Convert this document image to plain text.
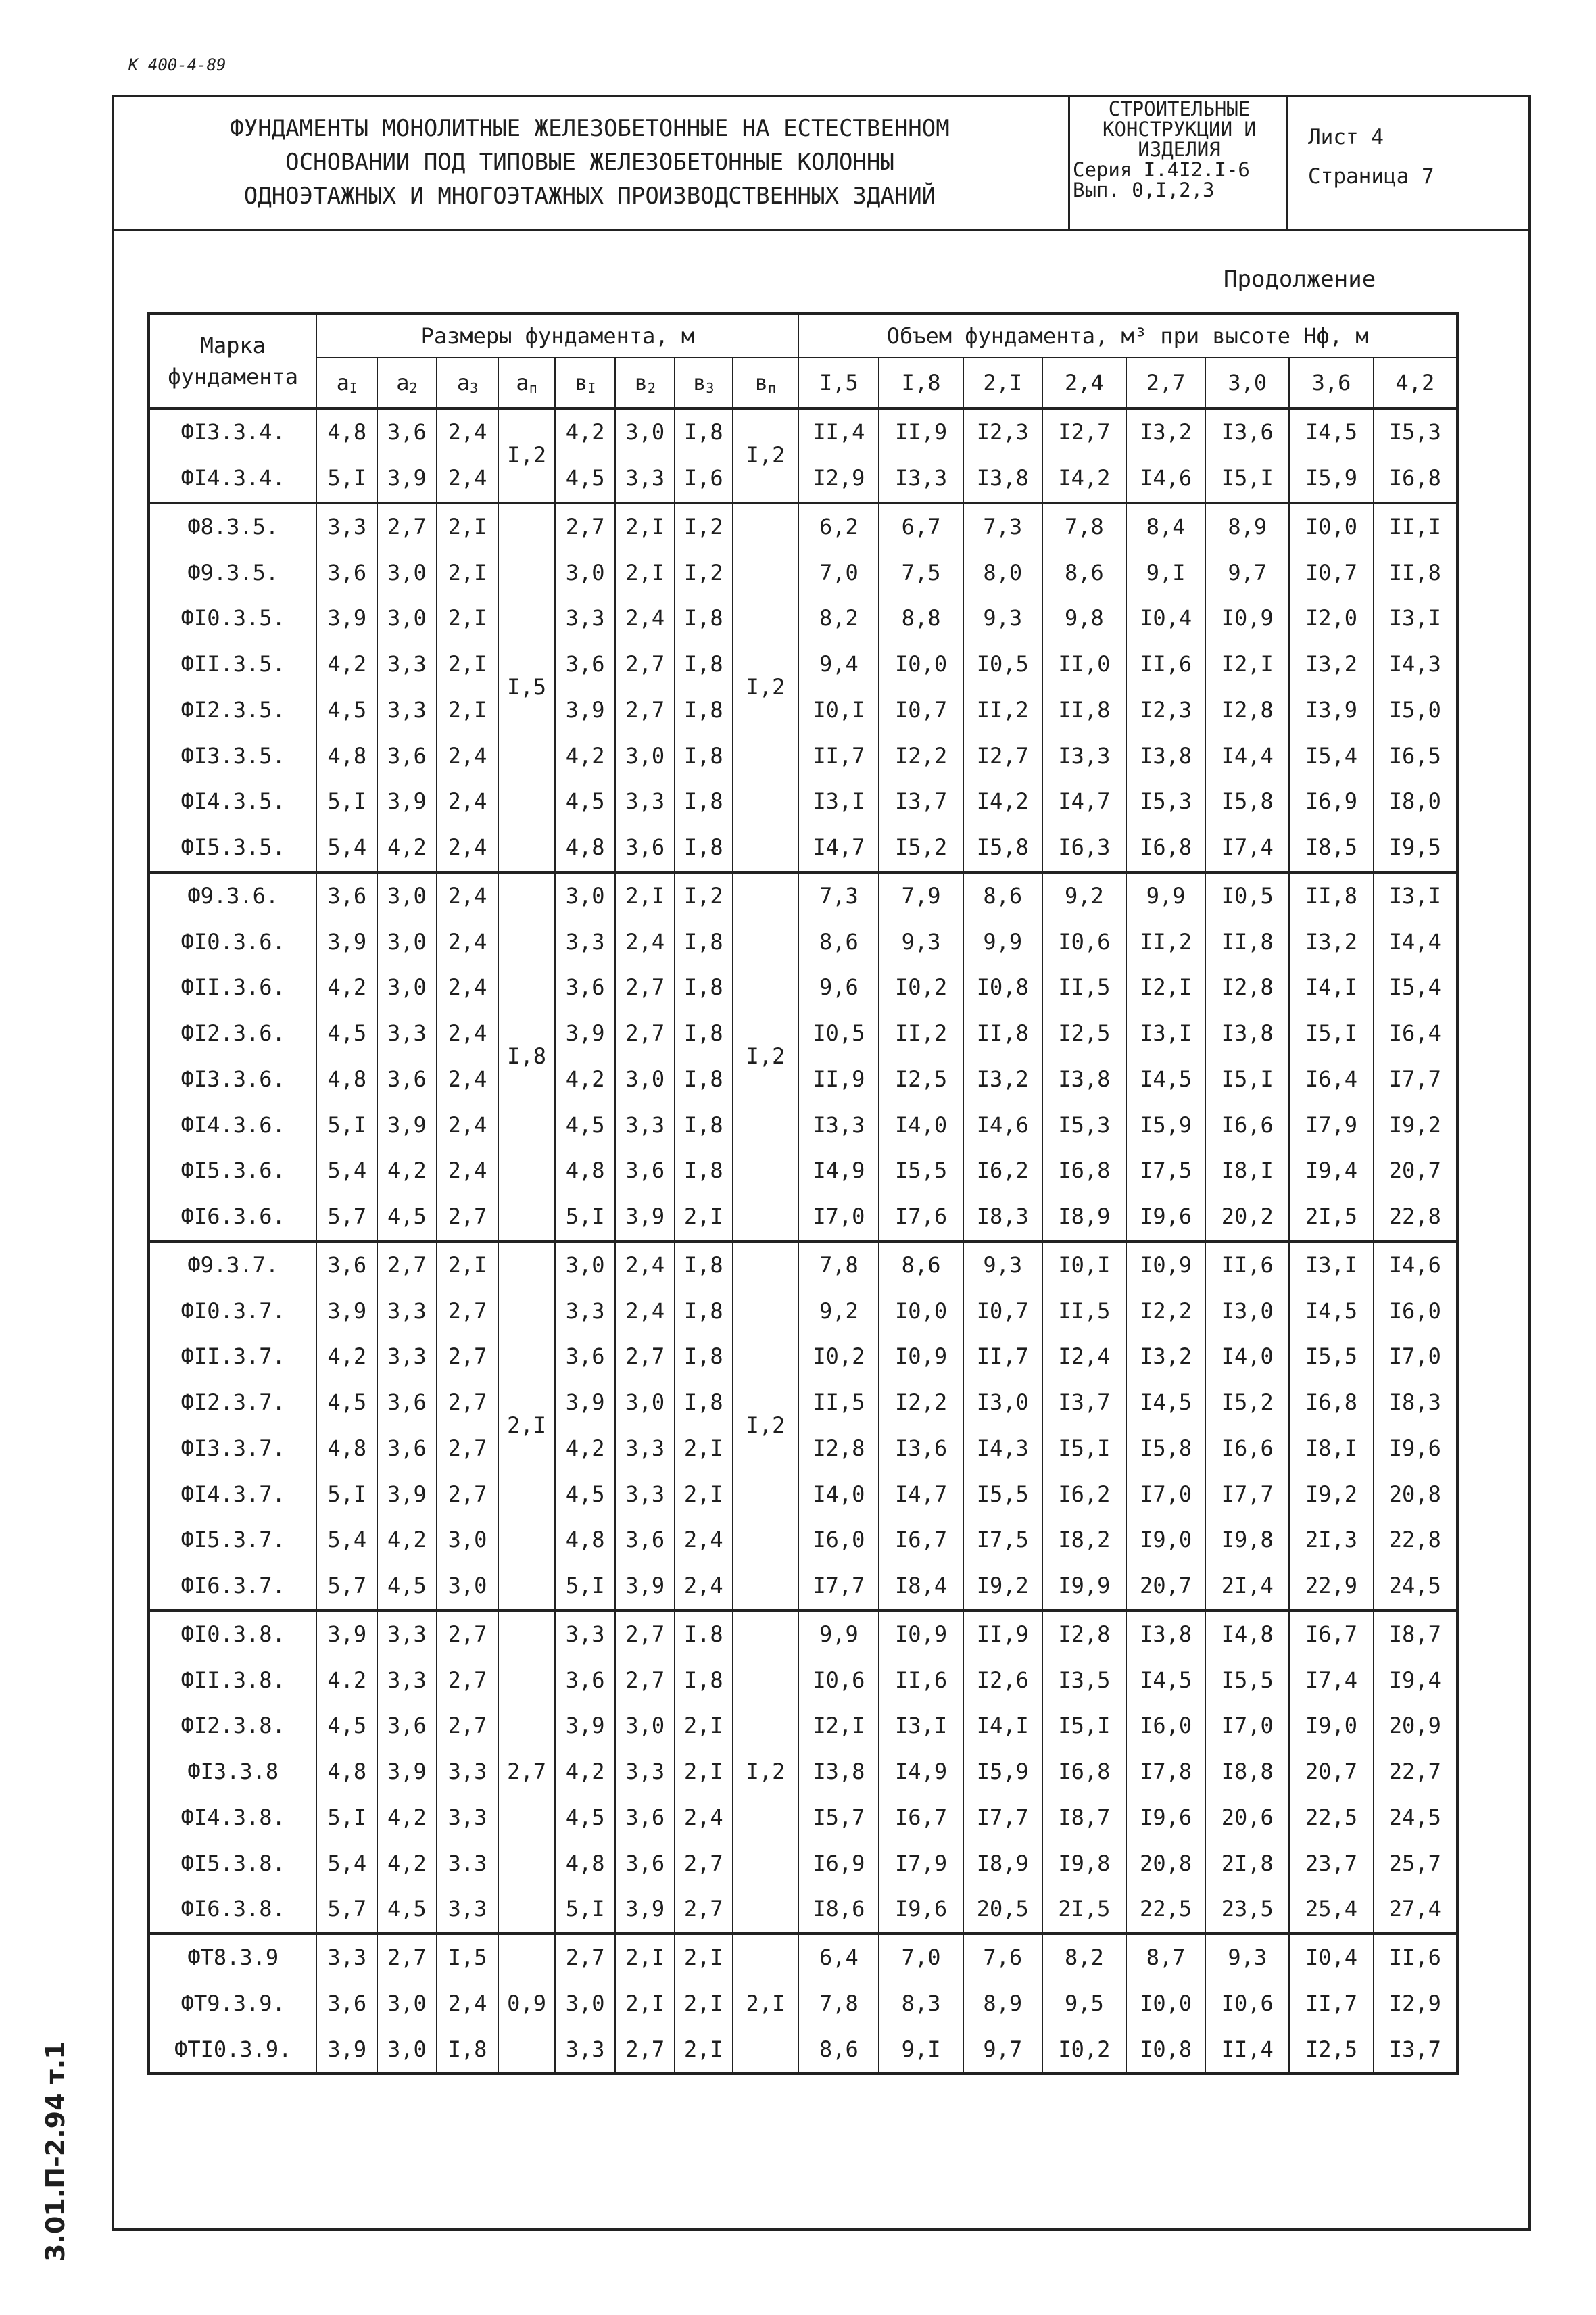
К 400-4-89
ФУНДАМЕНТЫ МОНОЛИТНЫЕ ЖЕЛЕЗОБЕТОННЫЕ НА ЕСТЕСТВЕННОМ
ОСНОВАНИИ ПОД ТИПОВЫЕ ЖЕЛЕЗОБЕТОННЫЕ КОЛОННЫ
ОДНОЭТАЖНЫХ И МНОГОЭТАЖНЫХ ПРОИЗВОДСТВЕННЫХ ЗДАНИЙ
СТРОИТЕЛЬНЫЕ
КОНСТРУКЦИИ И
ИЗДЕЛИЯ
Серия I.4I2.I-6
Вып. 0,I,2,3
Лист 4
Страница 7
Продолжение
Марка
фундамента	Размеры фундамента, м								Объем фундамента, м³ при высоте Нф, м							
	$a_I$	$a_2$	$a_3$	$a_п$	$в_I$	$в_2$	$в_3$	$в_п$	I,5	I,8	2,I	2,4	2,7	3,0	3,6	4,2
ФI3.3.4.	4,8	3,6	2,4	I,2	4,2	3,0	I,8	I,2	II,4	II,9	I2,3	I2,7	I3,2	I3,6	I4,5	I5,3
ФI4.3.4.	5,I	3,9	2,4		4,5	3,3	I,6		I2,9	I3,3	I3,8	I4,2	I4,6	I5,I	I5,9	I6,8
Ф8.3.5.	3,3	2,7	2,I	I,5	2,7	2,I	I,2	I,2	6,2	6,7	7,3	7,8	8,4	8,9	I0,0	II,I
Ф9.3.5.	3,6	3,0	2,I		3,0	2,I	I,2		7,0	7,5	8,0	8,6	9,I	9,7	I0,7	II,8
ФI0.3.5.	3,9	3,0	2,I		3,3	2,4	I,8		8,2	8,8	9,3	9,8	I0,4	I0,9	I2,0	I3,I
ФII.3.5.	4,2	3,3	2,I		3,6	2,7	I,8		9,4	I0,0	I0,5	II,0	II,6	I2,I	I3,2	I4,3
ФI2.3.5.	4,5	3,3	2,I		3,9	2,7	I,8		I0,I	I0,7	II,2	II,8	I2,3	I2,8	I3,9	I5,0
ФI3.3.5.	4,8	3,6	2,4		4,2	3,0	I,8		II,7	I2,2	I2,7	I3,3	I3,8	I4,4	I5,4	I6,5
ФI4.3.5.	5,I	3,9	2,4		4,5	3,3	I,8		I3,I	I3,7	I4,2	I4,7	I5,3	I5,8	I6,9	I8,0
ФI5.3.5.	5,4	4,2	2,4		4,8	3,6	I,8		I4,7	I5,2	I5,8	I6,3	I6,8	I7,4	I8,5	I9,5
Ф9.3.6.	3,6	3,0	2,4	I,8	3,0	2,I	I,2	I,2	7,3	7,9	8,6	9,2	9,9	I0,5	II,8	I3,I
ФI0.3.6.	3,9	3,0	2,4		3,3	2,4	I,8		8,6	9,3	9,9	I0,6	II,2	II,8	I3,2	I4,4
ФII.3.6.	4,2	3,0	2,4		3,6	2,7	I,8		9,6	I0,2	I0,8	II,5	I2,I	I2,8	I4,I	I5,4
ФI2.3.6.	4,5	3,3	2,4		3,9	2,7	I,8		I0,5	II,2	II,8	I2,5	I3,I	I3,8	I5,I	I6,4
ФI3.3.6.	4,8	3,6	2,4		4,2	3,0	I,8		II,9	I2,5	I3,2	I3,8	I4,5	I5,I	I6,4	I7,7
ФI4.3.6.	5,I	3,9	2,4		4,5	3,3	I,8		I3,3	I4,0	I4,6	I5,3	I5,9	I6,6	I7,9	I9,2
ФI5.3.6.	5,4	4,2	2,4		4,8	3,6	I,8		I4,9	I5,5	I6,2	I6,8	I7,5	I8,I	I9,4	20,7
ФI6.3.6.	5,7	4,5	2,7		5,I	3,9	2,I		I7,0	I7,6	I8,3	I8,9	I9,6	20,2	2I,5	22,8
Ф9.3.7.	3,6	2,7	2,I	2,I	3,0	2,4	I,8	I,2	7,8	8,6	9,3	I0,I	I0,9	II,6	I3,I	I4,6
ФI0.3.7.	3,9	3,3	2,7		3,3	2,4	I,8		9,2	I0,0	I0,7	II,5	I2,2	I3,0	I4,5	I6,0
ФII.3.7.	4,2	3,3	2,7		3,6	2,7	I,8		I0,2	I0,9	II,7	I2,4	I3,2	I4,0	I5,5	I7,0
ФI2.3.7.	4,5	3,6	2,7		3,9	3,0	I,8		II,5	I2,2	I3,0	I3,7	I4,5	I5,2	I6,8	I8,3
ФI3.3.7.	4,8	3,6	2,7		4,2	3,3	2,I		I2,8	I3,6	I4,3	I5,I	I5,8	I6,6	I8,I	I9,6
ФI4.3.7.	5,I	3,9	2,7		4,5	3,3	2,I		I4,0	I4,7	I5,5	I6,2	I7,0	I7,7	I9,2	20,8
ФI5.3.7.	5,4	4,2	3,0		4,8	3,6	2,4		I6,0	I6,7	I7,5	I8,2	I9,0	I9,8	2I,3	22,8
ФI6.3.7.	5,7	4,5	3,0		5,I	3,9	2,4		I7,7	I8,4	I9,2	I9,9	20,7	2I,4	22,9	24,5
ФI0.3.8.	3,9	3,3	2,7	2,7	3,3	2,7	I.8	I,2	9,9	I0,9	II,9	I2,8	I3,8	I4,8	I6,7	I8,7
ФII.3.8.	4.2	3,3	2,7		3,6	2,7	I,8		I0,6	II,6	I2,6	I3,5	I4,5	I5,5	I7,4	I9,4
ФI2.3.8.	4,5	3,6	2,7		3,9	3,0	2,I		I2,I	I3,I	I4,I	I5,I	I6,0	I7,0	I9,0	20,9
ФI3.3.8	4,8	3,9	3,3		4,2	3,3	2,I		I3,8	I4,9	I5,9	I6,8	I7,8	I8,8	20,7	22,7
ФI4.3.8.	5,I	4,2	3,3		4,5	3,6	2,4		I5,7	I6,7	I7,7	I8,7	I9,6	20,6	22,5	24,5
ФI5.3.8.	5,4	4,2	3.3		4,8	3,6	2,7		I6,9	I7,9	I8,9	I9,8	20,8	2I,8	23,7	25,7
ФI6.3.8.	5,7	4,5	3,3		5,I	3,9	2,7		I8,6	I9,6	20,5	2I,5	22,5	23,5	25,4	27,4
ФТ8.3.9	3,3	2,7	I,5	0,9	2,7	2,I	2,I	2,I	6,4	7,0	7,6	8,2	8,7	9,3	I0,4	II,6
ФТ9.3.9.	3,6	3,0	2,4		3,0	2,I	2,I		7,8	8,3	8,9	9,5	I0,0	I0,6	II,7	I2,9
ФТI0.3.9.	3,9	3,0	I,8		3,3	2,7	2,I		8,6	9,I	9,7	I0,2	I0,8	II,4	I2,5	I3,7
3.01.П-2.94 т.1
